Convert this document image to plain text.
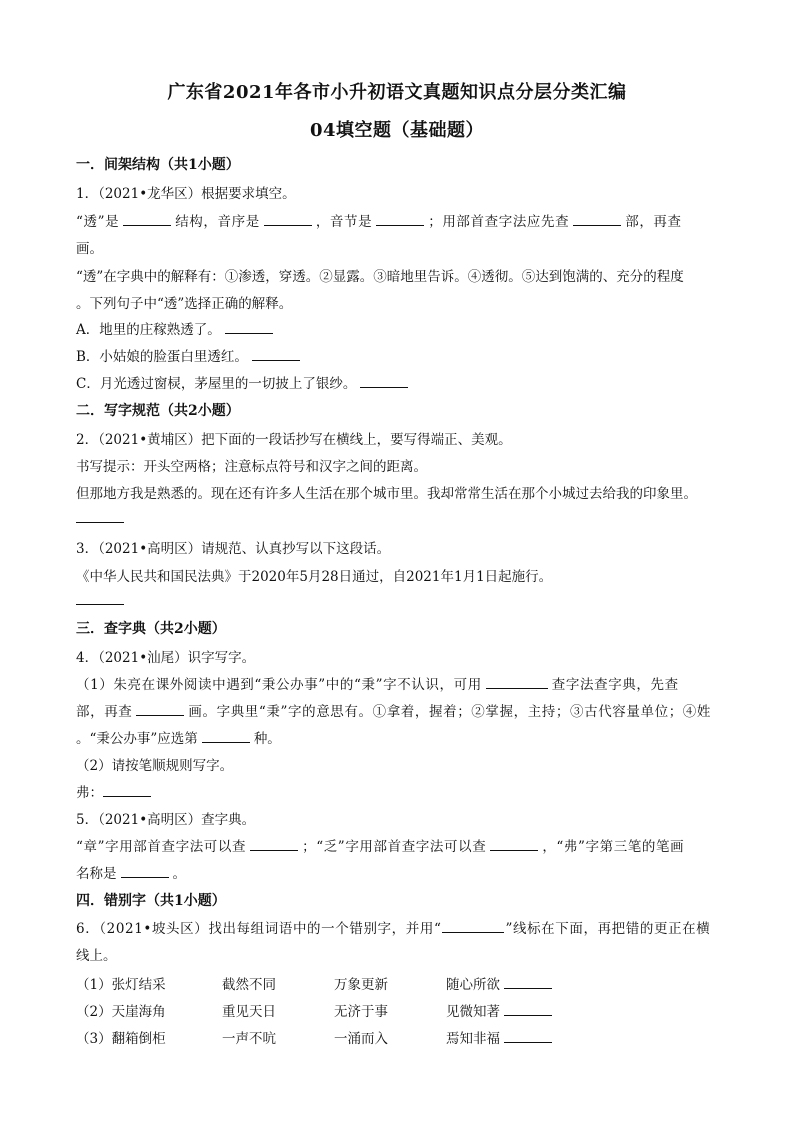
广东省2021年各市小升初语文真题知识点分层分类汇编
04填空题（基础题）
一．间架结构（共1小题）
1．（2021•龙华区）根据要求填空。
“透”是	结构，音序是	，音节是	；用部首查字法应先查	部，再查
画。
“透”在字典中的解释有：①渗透，穿透。②显露。③暗地里告诉。④透彻。⑤达到饱满的、充分的程度
。下列句子中“透”选择正确的解释。
A．地里的庄稼熟透了。
B．小姑娘的脸蛋白里透红。
C．月光透过窗棂，茅屋里的一切披上了银纱。
二．写字规范（共2小题）
2．（2021•黄埔区）把下面的一段话抄写在横线上，要写得端正、美观。
书写提示：开头空两格；注意标点符号和汉字之间的距离。
但那地方我是熟悉的。现在还有许多人生活在那个城市里。我却常常生活在那个小城过去给我的印象里。
3．（2021•高明区）请规范、认真抄写以下这段话。
《中华人民共和国民法典》于2020年5月28日通过，自2021年1月1日起施行。
三．查字典（共2小题）
4．（2021•汕尾）识字写字。
（1）朱亮在课外阅读中遇到“秉公办事”中的“秉”字不认识，可用	查字法查字典，先查
部，再查	画。字典里“秉”字的意思有。①拿着，握着；②掌握，主持；③古代容量单位；④姓
。“秉公办事”应选第	种。
（2）请按笔顺规则写字。
弗：
5．（2021•高明区）查字典。
“章”字用部首查字法可以查	；“乏”字用部首查字法可以查	，“弗”字第三笔的笔画
名称是	。
四．错别字（共1小题）
6．（2021•坡头区）找出每组词语中的一个错别字，并用“	”线标在下面，再把错的更正在横
线上。
（1）张灯结采	截然不同	万象更新	随心所欲
（2）天崖海角	重见天日	无济于事	见微知著
（3）翻箱倒柜	一声不吭	一涌而入	焉知非福
